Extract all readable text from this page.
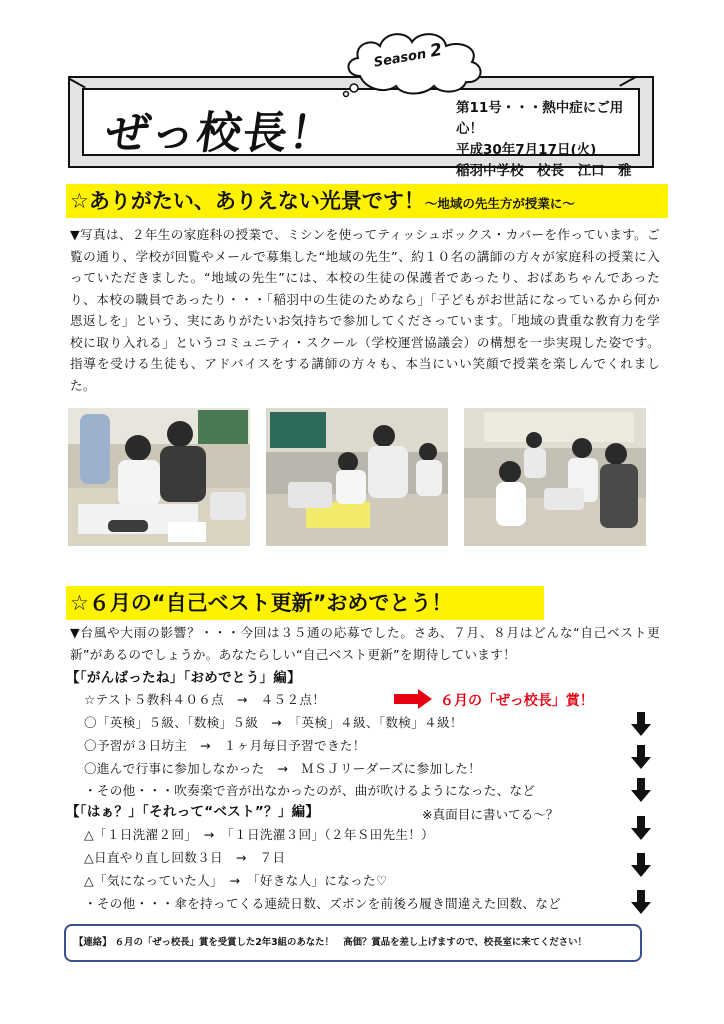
ぜっ校長！	第11号・・・熱中症にご用心！
平成30年7月17日(火)
稲羽中学校　校長　江口　雅
Season 2
☆ありがたい、ありえない光景です！～地域の先生方が授業に～
▼写真は、２年生の家庭科の授業で、ミシンを使ってティッシュボックス・カバーを作っています。ご覧の通り、学校が回覧やメールで募集した“地域の先生”、約１０名の講師の方々が家庭科の授業に入っていただきました。“地域の先生”には、本校の生徒の保護者であったり、おばあちゃんであったり、本校の職員であったり・・・「稲羽中の生徒のためなら」「子どもがお世話になっているから何か恩返しを」という、実にありがたいお気持ちで参加してくださっています。「地域の貴重な教育力を学校に取り入れる」というコミュニティ・スクール（学校運営協議会）の構想を一歩実現した姿です。指導を受ける生徒も、アドバイスをする講師の方々も、本当にいい笑顔で授業を楽しんでくれました。
☆６月の“自己ベスト更新”おめでとう！
▼台風や大雨の影響？・・・今回は３５通の応募でした。さあ、７月、８月はどんな“自己ベスト更新”があるのでしょうか。あなたらしい“自己ベスト更新”を期待しています！
【「がんばったね」「おめでとう」編】
☆テスト５教科４０６点　→　４５２点！	６月の「ぜっ校長」賞！
〇「英検」５級、「数検」５級　→　「英検」４級、「数検」４級！
〇予習が３日坊主　→　１ヶ月毎日予習できた！
〇進んで行事に参加しなかった　→　ＭＳＪリーダーズに参加した！
・その他・・・吹奏楽で音が出なかったのが、曲が吹けるようになった、など
【「はぁ？」「それって“ベスト”？」編】	※真面目に書いてる～？
△「１日洗濯２回」　→　「１日洗濯３回」（２年Ｓ田先生！）
△日直やり直し回数３日　→　７日
△「気になっていた人」　→　「好きな人」になった♡
・その他・・・傘を持ってくる連続日数、ズボンを前後ろ履き間違えた回数、など
【連絡】 ６月の「ぜっ校長」賞を受賞した2年3組のあなた！　高価？賞品を差し上げますので、校長室に来てください！
